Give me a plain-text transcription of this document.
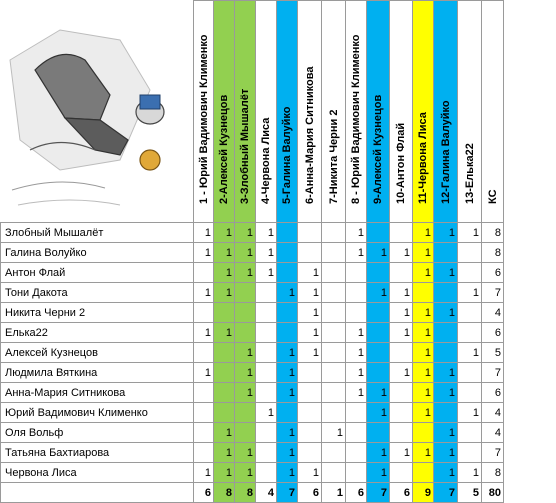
	1 - Юрий Вадимович Клименко	2-Алексей Кузнецов	3-Злобный Мышалёт	4-Червона Лиса	5-Галина Валуйко	6-Анна-Мария Ситникова	7-Никита Черни 2	8 - Юрий Вадимович Клименко	9-Алексей Кузнецов	10-Антон Флай	11-Червона Лиса	12-Галина Валуйко	13-Елька22	КС

Злобный Мышалёт	1	1	1	1				1			1	1	1	8
Галина Волуйко	1	1	1	1				1	1	1	1			8
Антон Флай		1	1	1		1					1	1		6
Тони Дакота	1	1			1	1			1	1			1	7
Никита Черни 2						1				1	1	1		4
Елька22	1	1				1		1		1	1			6
Алексей Кузнецов			1		1	1		1			1		1	5
Людмила Вяткина	1		1		1			1		1	1	1		7
Анна-Мария Ситникова			1		1			1	1		1	1		6
Юрий Вадимович Клименко				1					1		1		1	4
Оля Вольф		1			1		1					1		4
Татьяна Бахтиарова		1	1		1				1	1	1	1		7
Червона Лиса	1	1	1		1	1			1			1	1	8
	6	8	8	4	7	6	1	6	7	6	9	7	5	80
